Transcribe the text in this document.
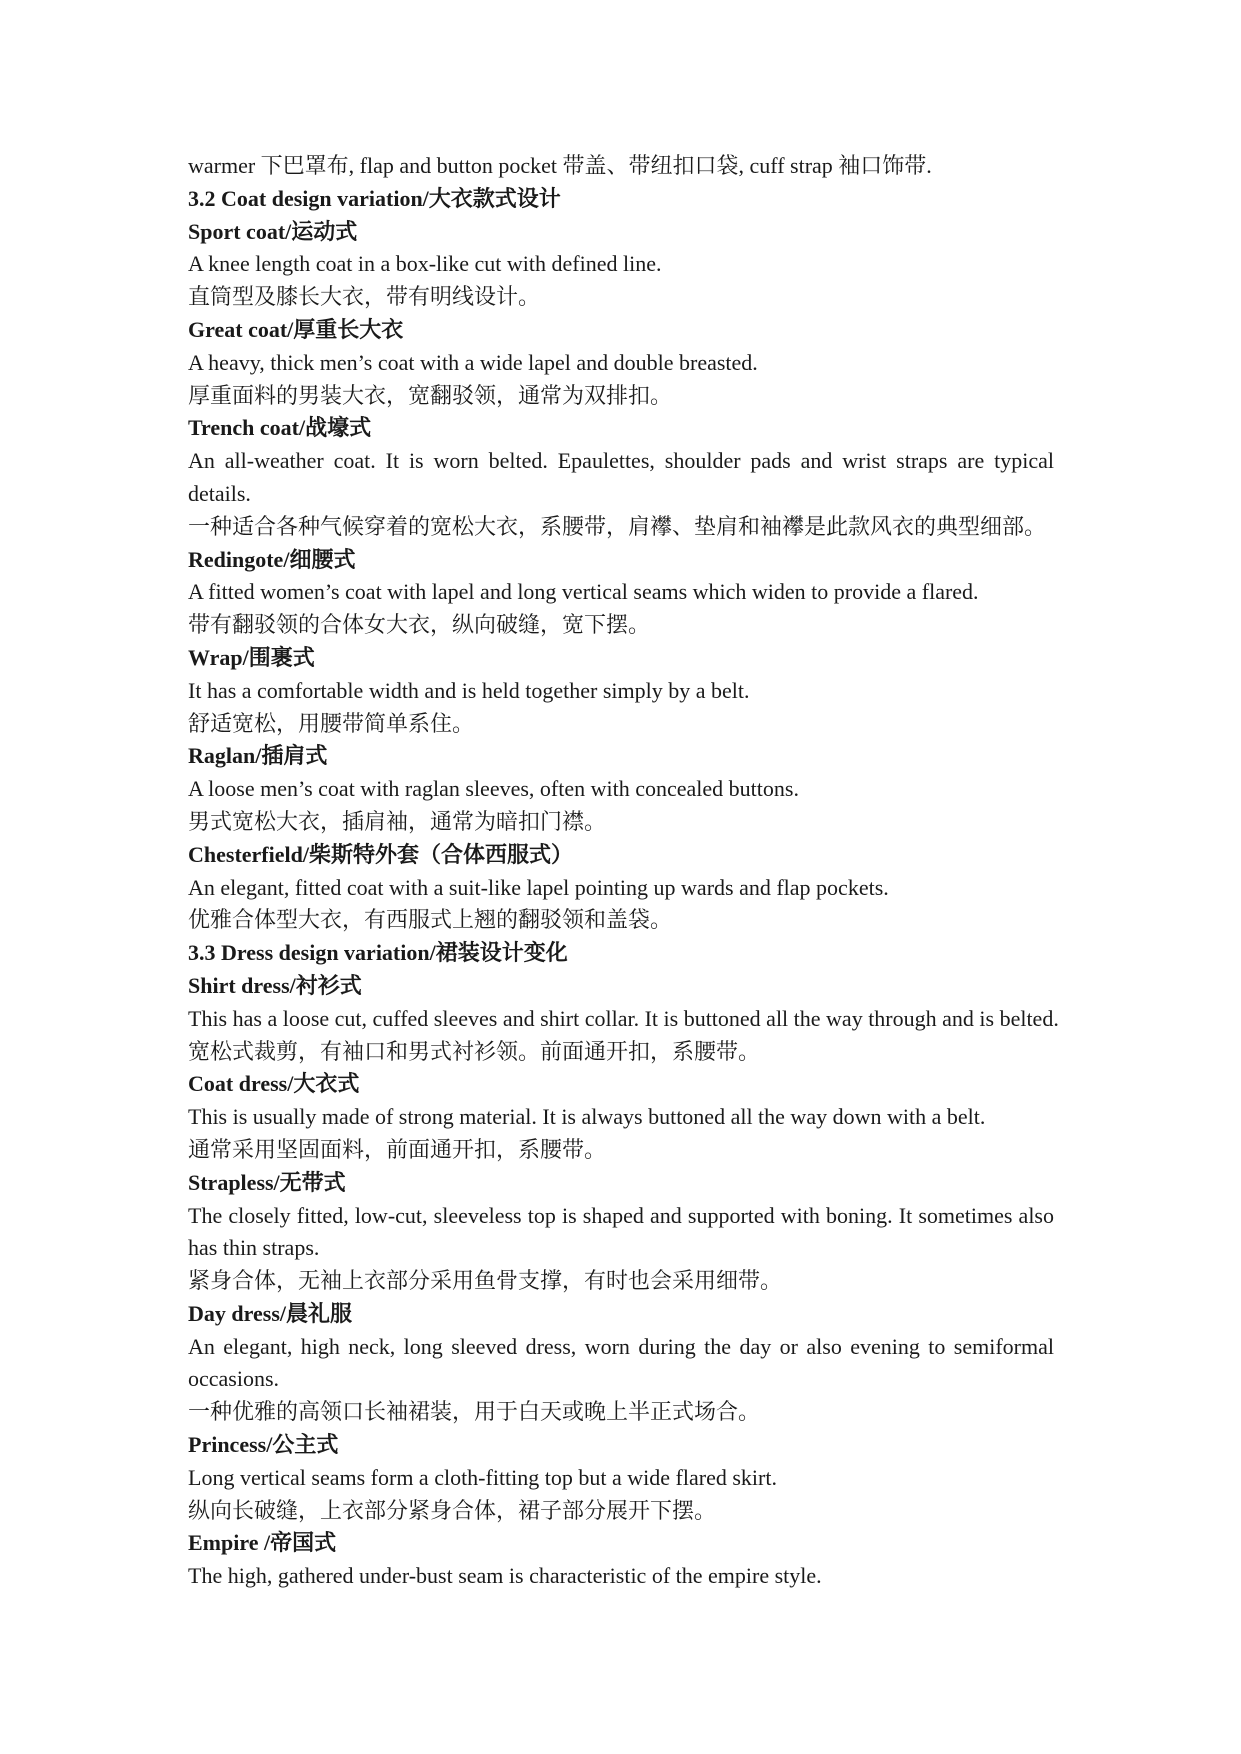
warmer 下巴罩布, flap and button pocket 带盖、带纽扣口袋, cuff strap 袖口饰带.

3.2 Coat design variation/大衣款式设计

Sport coat/运动式

A knee length coat in a box-like cut with defined line.

直筒型及膝长大衣，带有明线设计。

Great coat/厚重长大衣

A heavy, thick men’s coat with a wide lapel and double breasted.

厚重面料的男装大衣，宽翻驳领，通常为双排扣。

Trench coat/战壕式

An all-weather coat. It is worn belted. Epaulettes, shoulder pads and wrist straps are typical details.

一种适合各种气候穿着的宽松大衣，系腰带，肩襻、垫肩和袖襻是此款风衣的典型细部。

Redingote/细腰式

A fitted women’s coat with lapel and long vertical seams which widen to provide a flared.

带有翻驳领的合体女大衣，纵向破缝，宽下摆。

Wrap/围裹式

It has a comfortable width and is held together simply by a belt.

舒适宽松，用腰带简单系住。

Raglan/插肩式

A loose men’s coat with raglan sleeves, often with concealed buttons.

男式宽松大衣，插肩袖，通常为暗扣门襟。

Chesterfield/柴斯特外套（合体西服式）

An elegant, fitted coat with a suit-like lapel pointing up wards and flap pockets.

优雅合体型大衣，有西服式上翘的翻驳领和盖袋。

3.3 Dress design variation/裙装设计变化

Shirt dress/衬衫式

This has a loose cut, cuffed sleeves and shirt collar. It is buttoned all the way through and is belted.

宽松式裁剪，有袖口和男式衬衫领。前面通开扣，系腰带。

Coat dress/大衣式

This is usually made of strong material. It is always buttoned all the way down with a belt.

通常采用坚固面料，前面通开扣，系腰带。

Strapless/无带式

The closely fitted, low-cut, sleeveless top is shaped and supported with boning. It sometimes also has thin straps.

紧身合体，无袖上衣部分采用鱼骨支撑，有时也会采用细带。

Day dress/晨礼服

An elegant, high neck, long sleeved dress, worn during the day or also evening to semiformal occasions.

一种优雅的高领口长袖裙装，用于白天或晚上半正式场合。

Princess/公主式

Long vertical seams form a cloth-fitting top but a wide flared skirt.

纵向长破缝，上衣部分紧身合体，裙子部分展开下摆。

Empire /帝国式

The high, gathered under-bust seam is characteristic of the empire style.
